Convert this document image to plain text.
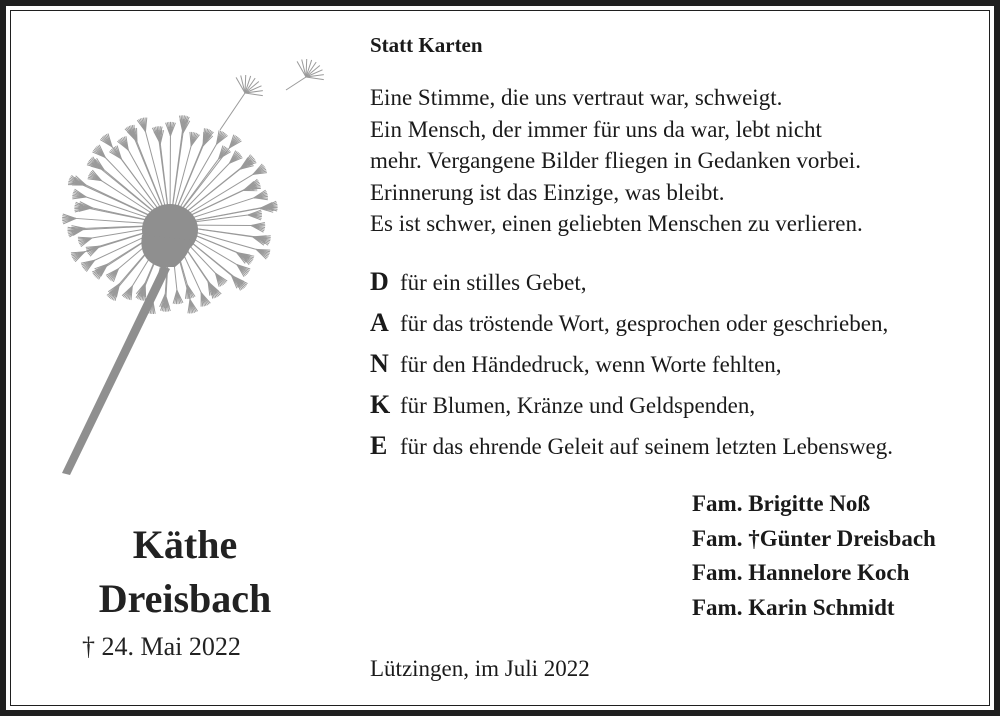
Käthe
Dreisbach
† 24. Mai 2022
Statt Karten
Eine Stimme, die uns vertraut war, schweigt.
Ein Mensch, der immer für uns da war, lebt nicht
mehr. Vergangene Bilder fliegen in Gedanken vorbei.
Erinnerung ist das Einzige, was bleibt.
Es ist schwer, einen geliebten Menschen zu verlieren.
D für ein stilles Gebet,
A für das tröstende Wort, gesprochen oder geschrieben,
N für den Händedruck, wenn Worte fehlten,
K für Blumen, Kränze und Geldspenden,
E für das ehrende Geleit auf seinem letzten Lebensweg.
Fam. Brigitte Noß
Fam. †Günter Dreisbach
Fam. Hannelore Koch
Fam. Karin Schmidt
Lützingen, im Juli 2022
